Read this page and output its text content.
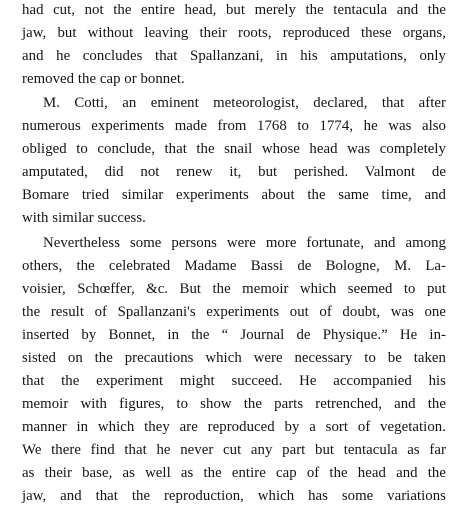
had cut, not the entire head, but merely the tentacula and the
jaw, but without leaving their roots, reproduced these organs,
and he concludes that Spallanzani, in his amputations, only
removed the cap or bonnet.
M. Cotti, an eminent meteorologist, declared, that after
numerous experiments made from 1768 to 1774, he was also
obliged to conclude, that the snail whose head was completely
amputated, did not renew it, but perished. Valmont de
Bomare tried similar experiments about the same time, and
with similar success.
Nevertheless some persons were more fortunate, and among
others, the celebrated Madame Bassi de Bologne, M. La-
voisier, Schœffer, &c. But the memoir which seemed to put
the result of Spallanzani's experiments out of doubt, was one
inserted by Bonnet, in the “ Journal de Physique.” He in-
sisted on the precautions which were necessary to be taken
that the experiment might succeed. He accompanied his
memoir with figures, to show the parts retrenched, and the
manner in which they are reproduced by a sort of vegetation.
We there find that he never cut any part but tentacula as far
as their base, as well as the entire cap of the head and the
jaw, and that the reproduction, which has some variations
